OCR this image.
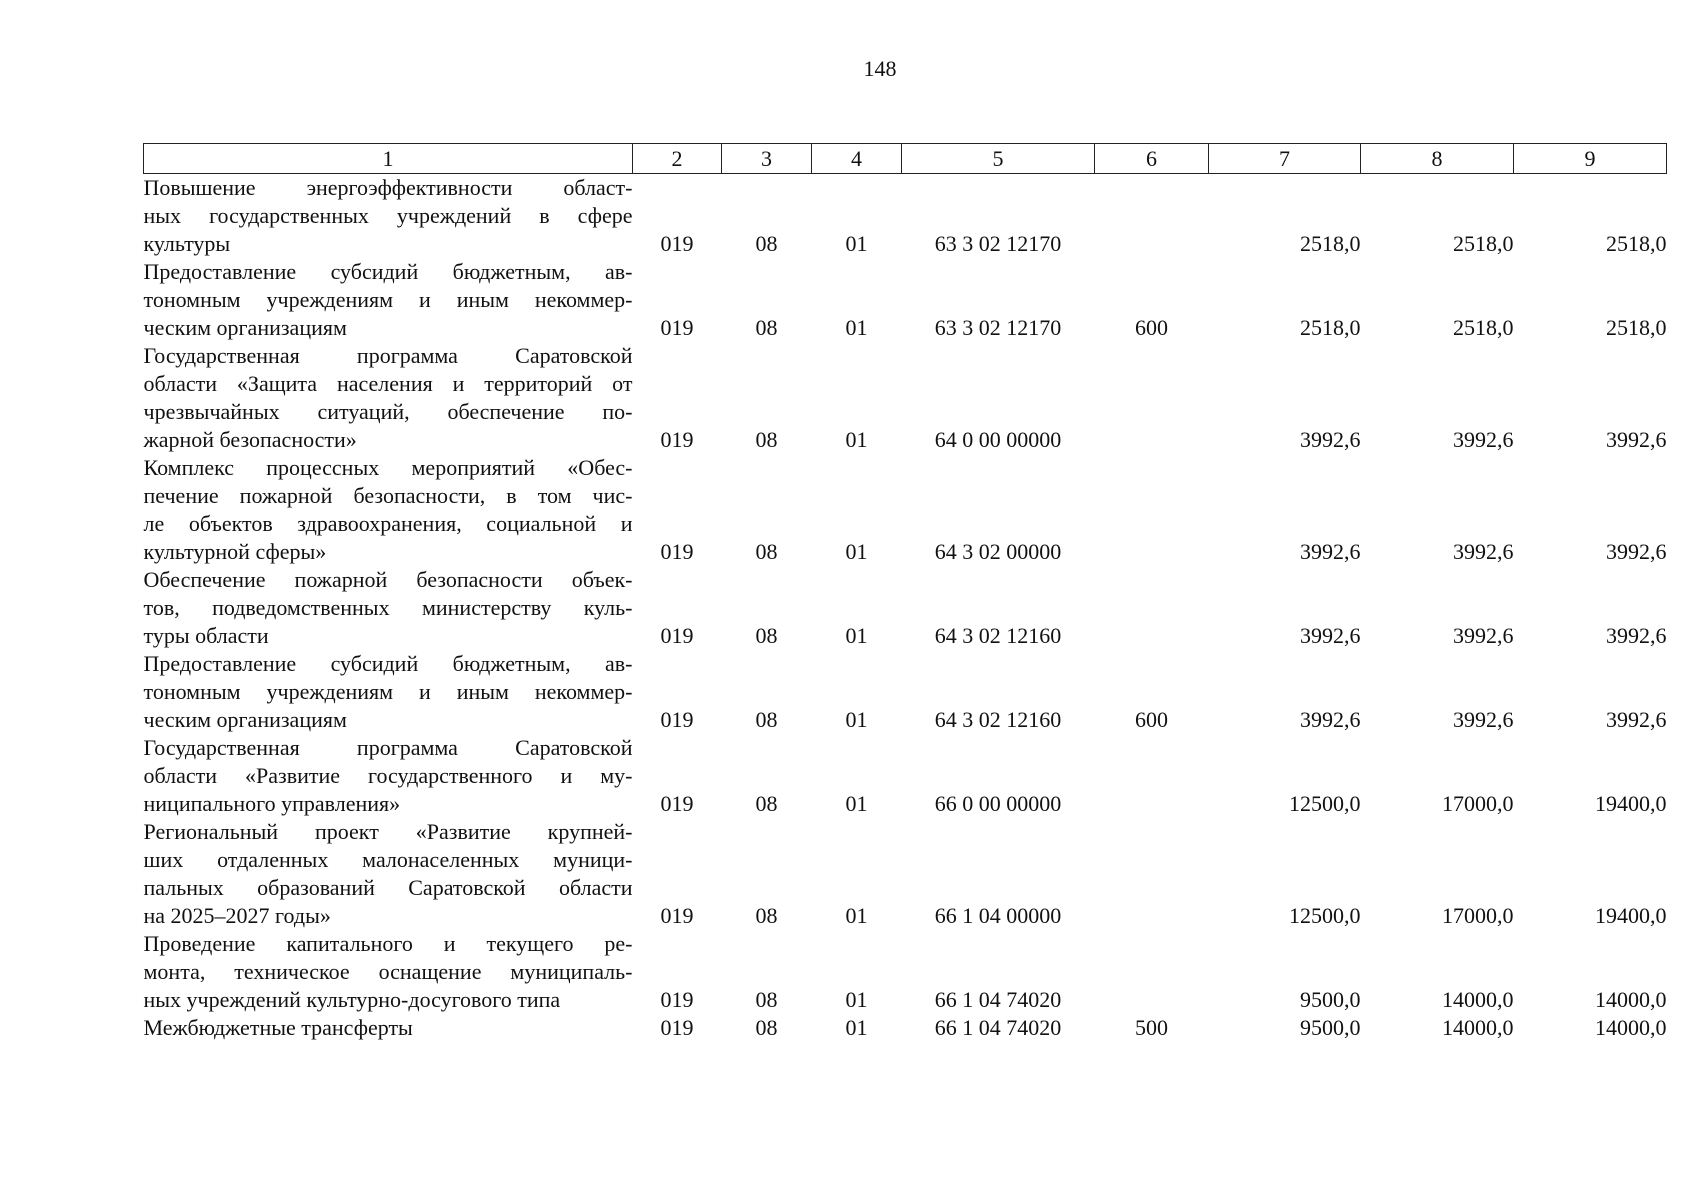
148
1	2	3	4	5	6	7	8	9

Повышение энергоэффективности област-
ных государственных учреждений в сфере
культуры	019	08	01	63 3 02 12170		2518,0	2518,0	2518,0

Предоставление субсидий бюджетным, ав-
тономным учреждениям и иным некоммер-
ческим организациям	019	08	01	63 3 02 12170	600	2518,0	2518,0	2518,0

Государственная программа Саратовской
области «Защита населения и территорий от
чрезвычайных ситуаций, обеспечение по-
жарной безопасности»	019	08	01	64 0 00 00000		3992,6	3992,6	3992,6

Комплекс процессных мероприятий «Обес-
печение пожарной безопасности, в том чис-
ле объектов здравоохранения, социальной и
культурной сферы»	019	08	01	64 3 02 00000		3992,6	3992,6	3992,6

Обеспечение пожарной безопасности объек-
тов, подведомственных министерству куль-
туры области	019	08	01	64 3 02 12160		3992,6	3992,6	3992,6

Предоставление субсидий бюджетным, ав-
тономным учреждениям и иным некоммер-
ческим организациям	019	08	01	64 3 02 12160	600	3992,6	3992,6	3992,6

Государственная программа Саратовской
области «Развитие государственного и му-
ниципального управления»	019	08	01	66 0 00 00000		12500,0	17000,0	19400,0

Региональный проект «Развитие крупней-
ших отдаленных малонаселенных муници-
пальных образований Саратовской области
на 2025–2027 годы»	019	08	01	66 1 04 00000		12500,0	17000,0	19400,0

Проведение капитального и текущего ре-
монта, техническое оснащение муниципаль-
ных учреждений культурно-досугового типа	019	08	01	66 1 04 74020		9500,0	14000,0	14000,0

Межбюджетные трансферты	019	08	01	66 1 04 74020	500	9500,0	14000,0	14000,0
